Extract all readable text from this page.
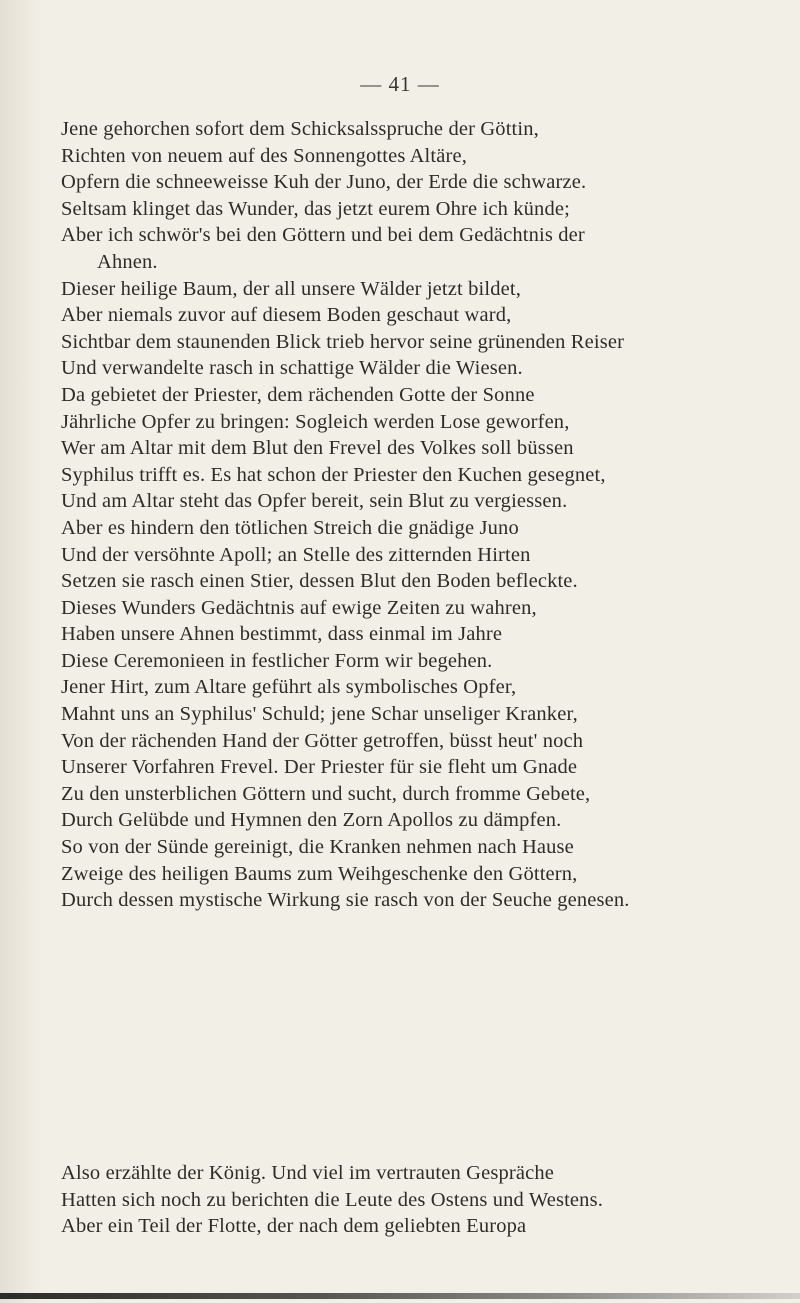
— 41 —
Jene gehorchen sofort dem Schicksalsspruche der Göttin,
Richten von neuem auf des Sonnengottes Altäre,
Opfern die schneeweisse Kuh der Juno, der Erde die schwarze.
Seltsam klinget das Wunder, das jetzt eurem Ohre ich künde;
Aber ich schwör's bei den Göttern und bei dem Gedächtnis der
Ahnen.
Dieser heilige Baum, der all unsere Wälder jetzt bildet,
Aber niemals zuvor auf diesem Boden geschaut ward,
Sichtbar dem staunenden Blick trieb hervor seine grünenden Reiser
Und verwandelte rasch in schattige Wälder die Wiesen.
Da gebietet der Priester, dem rächenden Gotte der Sonne
Jährliche Opfer zu bringen: Sogleich werden Lose geworfen,
Wer am Altar mit dem Blut den Frevel des Volkes soll büssen
Syphilus trifft es. Es hat schon der Priester den Kuchen gesegnet,
Und am Altar steht das Opfer bereit, sein Blut zu vergiessen.
Aber es hindern den tötlichen Streich die gnädige Juno
Und der versöhnte Apoll; an Stelle des zitternden Hirten
Setzen sie rasch einen Stier, dessen Blut den Boden befleckte.
Dieses Wunders Gedächtnis auf ewige Zeiten zu wahren,
Haben unsere Ahnen bestimmt, dass einmal im Jahre
Diese Ceremonieen in festlicher Form wir begehen.
Jener Hirt, zum Altare geführt als symbolisches Opfer,
Mahnt uns an Syphilus' Schuld; jene Schar unseliger Kranker,
Von der rächenden Hand der Götter getroffen, büsst heut' noch
Unserer Vorfahren Frevel. Der Priester für sie fleht um Gnade
Zu den unsterblichen Göttern und sucht, durch fromme Gebete,
Durch Gelübde und Hymnen den Zorn Apollos zu dämpfen.
So von der Sünde gereinigt, die Kranken nehmen nach Hause
Zweige des heiligen Baums zum Weihgeschenke den Göttern,
Durch dessen mystische Wirkung sie rasch von der Seuche genesen.
Also erzählte der König. Und viel im vertrauten Gespräche
Hatten sich noch zu berichten die Leute des Ostens und Westens.
Aber ein Teil der Flotte, der nach dem geliebten Europa
